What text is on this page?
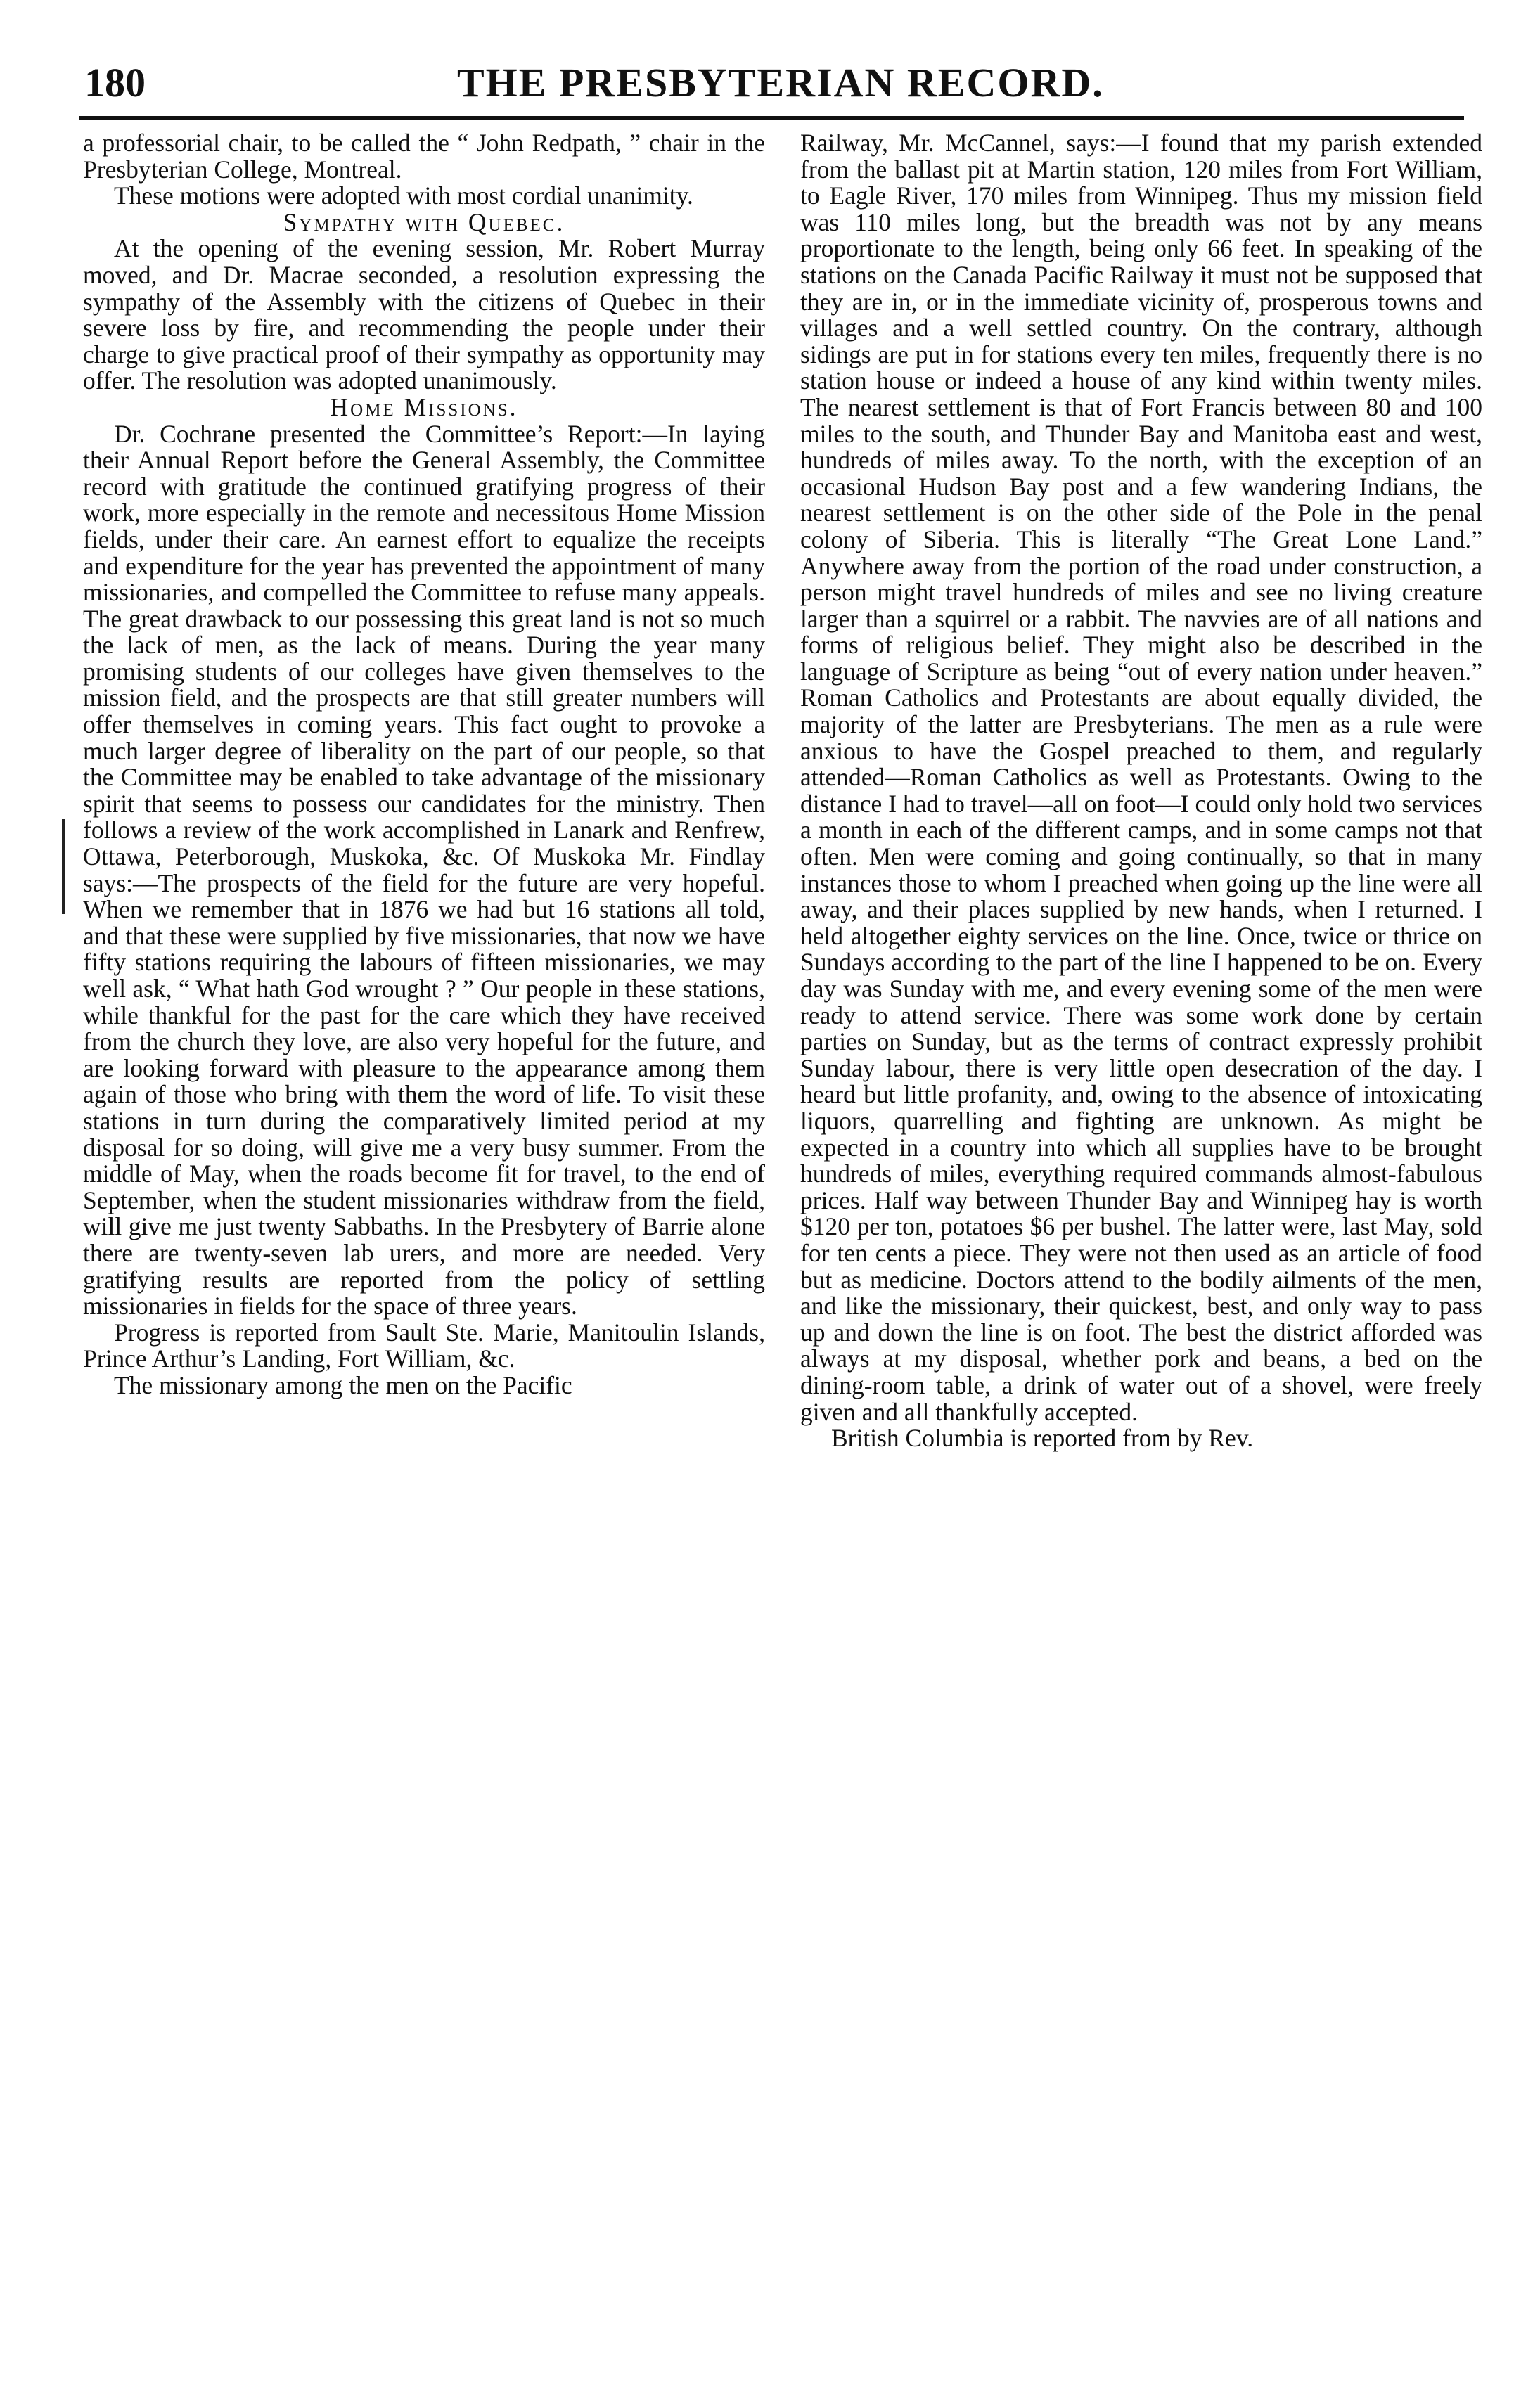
180	THE PRESBYTERIAN RECORD.

a professorial chair, to be called the “ John Redpath, ” chair in the Presbyterian College, Montreal.

These motions were adopted with most cordial unanimity.

Sympathy with Quebec.

At the opening of the evening session, Mr. Robert Murray moved, and Dr. Macrae seconded, a resolution expressing the sympathy of the Assembly with the citizens of Quebec in their severe loss by fire, and recommending the people under their charge to give practical proof of their sympathy as opportunity may offer. The resolution was adopted unanimously.

Home Missions.

Dr. Cochrane presented the Committee’s Report:—In laying their Annual Report before the General Assembly, the Committee record with gratitude the continued gratifying progress of their work, more especially in the remote and necessitous Home Mission fields, under their care. An earnest effort to equalize the receipts and expenditure for the year has prevented the appointment of many missionaries, and compelled the Committee to refuse many appeals. The great drawback to our possessing this great land is not so much the lack of men, as the lack of means. During the year many promising students of our colleges have given themselves to the mission field, and the prospects are that still greater numbers will offer themselves in coming years. This fact ought to provoke a much larger degree of liberality on the part of our people, so that the Committee may be enabled to take advantage of the missionary spirit that seems to possess our candidates for the ministry. Then follows a review of the work accomplished in Lanark and Renfrew, Ottawa, Peterborough, Muskoka, &c. Of Muskoka Mr. Findlay says:—The prospects of the field for the future are very hopeful. When we remember that in 1876 we had but 16 stations all told, and that these were supplied by five missionaries, that now we have fifty stations requiring the labours of fifteen missionaries, we may well ask, “ What hath God wrought ? ” Our people in these stations, while thankful for the past for the care which they have received from the church they love, are also very hopeful for the future, and are looking forward with pleasure to the appearance among them again of those who bring with them the word of life. To visit these stations in turn during the comparatively limited period at my disposal for so doing, will give me a very busy summer. From the middle of May, when the roads become fit for travel, to the end of September, when the student missionaries withdraw from the field, will give me just twenty Sabbaths. In the Presbytery of Barrie alone there are twenty-seven lab urers, and more are needed. Very gratifying results are reported from the policy of settling missionaries in fields for the space of three years.

Progress is reported from Sault Ste. Marie, Manitoulin Islands, Prince Arthur’s Landing, Fort William, &c.

The missionary among the men on the Pacific

Railway, Mr. McCannel, says:—I found that my parish extended from the ballast pit at Martin station, 120 miles from Fort William, to Eagle River, 170 miles from Winnipeg. Thus my mission field was 110 miles long, but the breadth was not by any means proportionate to the length, being only 66 feet. In speaking of the stations on the Canada Pacific Railway it must not be supposed that they are in, or in the immediate vicinity of, prosperous towns and villages and a well settled country. On the contrary, although sidings are put in for stations every ten miles, frequently there is no station house or indeed a house of any kind within twenty miles. The nearest settlement is that of Fort Francis between 80 and 100 miles to the south, and Thunder Bay and Manitoba east and west, hundreds of miles away. To the north, with the exception of an occasional Hudson Bay post and a few wandering Indians, the nearest settlement is on the other side of the Pole in the penal colony of Siberia. This is literally “The Great Lone Land.” Anywhere away from the portion of the road under construction, a person might travel hundreds of miles and see no living creature larger than a squirrel or a rabbit. The navvies are of all nations and forms of religious belief. They might also be described in the language of Scripture as being “out of every nation under heaven.” Roman Catholics and Protestants are about equally divided, the majority of the latter are Presbyterians. The men as a rule were anxious to have the Gospel preached to them, and regularly attended—Roman Catholics as well as Protestants. Owing to the distance I had to travel—all on foot—I could only hold two services a month in each of the different camps, and in some camps not that often. Men were coming and going continually, so that in many instances those to whom I preached when going up the line were all away, and their places supplied by new hands, when I returned. I held altogether eighty services on the line. Once, twice or thrice on Sundays according to the part of the line I happened to be on. Every day was Sunday with me, and every evening some of the men were ready to attend service. There was some work done by certain parties on Sunday, but as the terms of contract expressly prohibit Sunday labour, there is very little open desecration of the day. I heard but little profanity, and, owing to the absence of intoxicating liquors, quarrelling and fighting are unknown. As might be expected in a country into which all supplies have to be brought hundreds of miles, everything required commands almost-fabulous prices. Half way between Thunder Bay and Winnipeg hay is worth $120 per ton, potatoes $6 per bushel. The latter were, last May, sold for ten cents a piece. They were not then used as an article of food but as medicine. Doctors attend to the bodily ailments of the men, and like the missionary, their quickest, best, and only way to pass up and down the line is on foot. The best the district afforded was always at my disposal, whether pork and beans, a bed on the dining-room table, a drink of water out of a shovel, were freely given and all thankfully accepted.

British Columbia is reported from by Rev.
